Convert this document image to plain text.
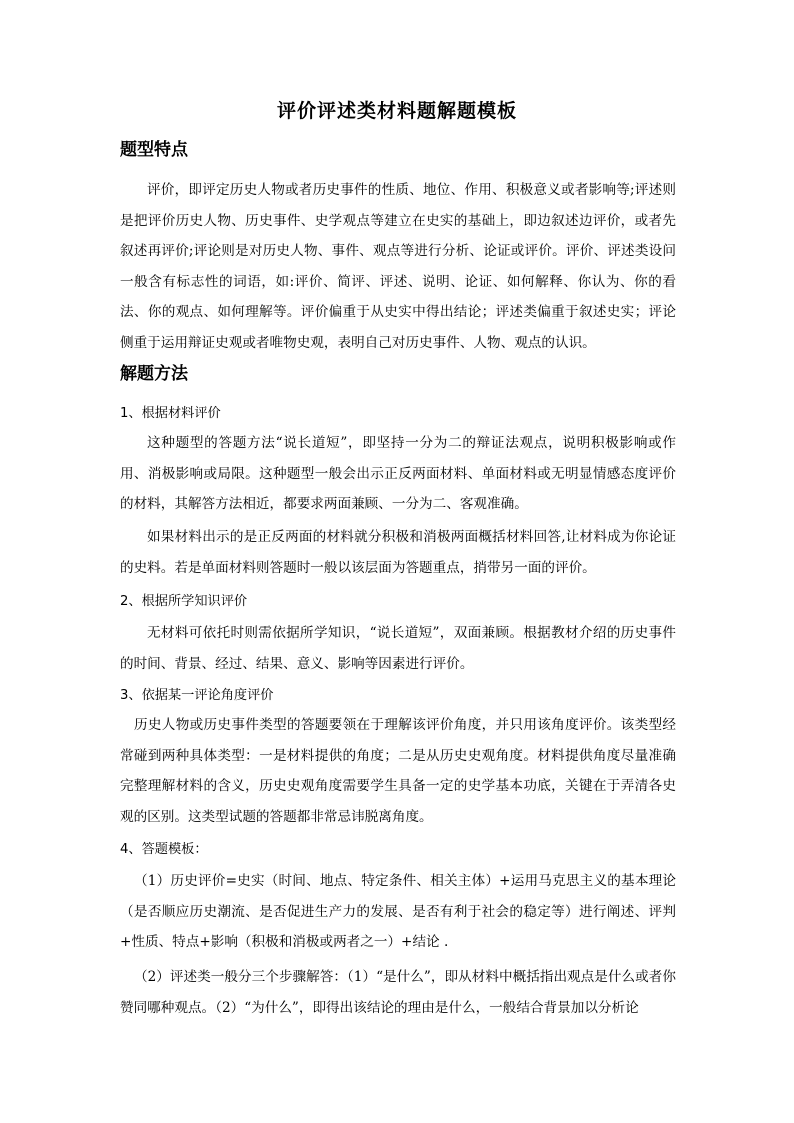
评价评述类材料题解题模板
题型特点

评价，即评定历史人物或者历史事件的性质、地位、作用、积极意义或者影响等;评述则是把评价历史人物、历史事件、史学观点等建立在史实的基础上，即边叙述边评价，或者先叙述再评价;评论则是对历史人物、事件、观点等进行分析、论证或评价。评价、评述类设问一般含有标志性的词语，如:评价、简评、评述、说明、论证、如何解释、你认为、你的看法、你的观点、如何理解等。评价偏重于从史实中得出结论；评述类偏重于叙述史实；评论侧重于运用辩证史观或者唯物史观，表明自己对历史事件、人物、观点的认识。

解题方法
1、根据材料评价

这种题型的答题方法“说长道短”，即坚持一分为二的辩证法观点，说明积极影响或作用、消极影响或局限。这种题型一般会出示正反两面材料、单面材料或无明显情感态度评价的材料，其解答方法相近，都要求两面兼顾、一分为二、客观准确。

如果材料出示的是正反两面的材料就分积极和消极两面概括材料回答,让材料成为你论证的史料。若是单面材料则答题时一般以该层面为答题重点，捎带另一面的评价。

2、根据所学知识评价

无材料可依托时则需依据所学知识，“说长道短”，双面兼顾。根据教材介绍的历史事件的时间、背景、经过、结果、意义、影响等因素进行评价。

3、依据某一评论角度评价

历史人物或历史事件类型的答题要领在于理解该评价角度，并只用该角度评价。该类型经常碰到两种具体类型：一是材料提供的角度；二是从历史史观角度。材料提供角度尽量准确完整理解材料的含义，历史史观角度需要学生具备一定的史学基本功底，关键在于弄清各史观的区别。这类型试题的答题都非常忌讳脱离角度。

4、答题模板：

（1）历史评价=史实（时间、地点、特定条件、相关主体）+运用马克思主义的基本理论（是否顺应历史潮流、是否促进生产力的发展、是否有利于社会的稳定等）进行阐述、评判+性质、特点+影响（积极和消极或两者之一）+结论 .

（2）评述类一般分三个步骤解答：（1）“是什么”，即从材料中概括指出观点是什么或者你赞同哪种观点。（2）“为什么”，即得出该结论的理由是什么，一般结合背景加以分析论
